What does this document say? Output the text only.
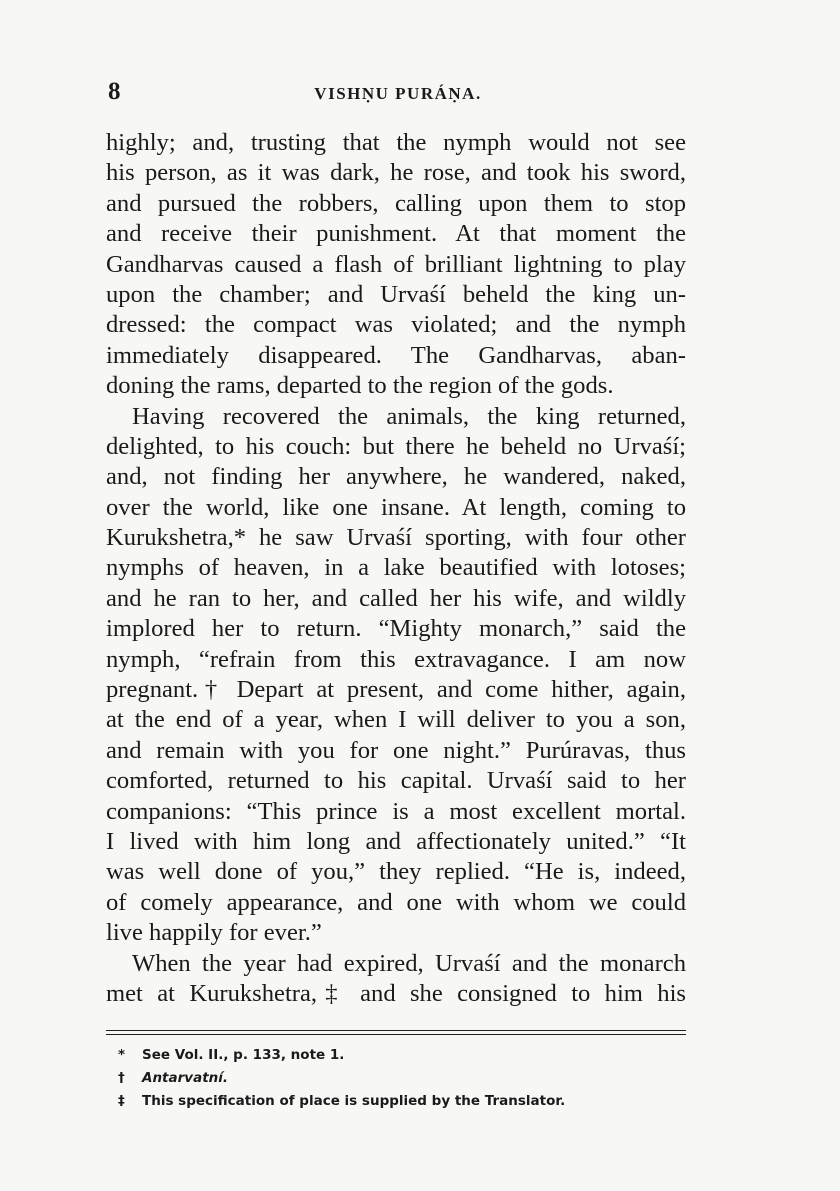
8	VISHṆU PURÁṆA.
highly; and, trusting that the nymph would not see
his person, as it was dark, he rose, and took his sword,
and pursued the robbers, calling upon them to stop
and receive their punishment. At that moment the
Gandharvas caused a flash of brilliant lightning to play
upon the chamber; and Urvaśí beheld the king un-
dressed: the compact was violated; and the nymph
immediately disappeared. The Gandharvas, aban-
doning the rams, departed to the region of the gods.
Having recovered the animals, the king returned,
delighted, to his couch: but there he beheld no Urvaśí;
and, not finding her anywhere, he wandered, naked,
over the world, like one insane. At length, coming to
Kurukshetra,* he saw Urvaśí sporting, with four other
nymphs of heaven, in a lake beautified with lotoses;
and he ran to her, and called her his wife, and wildly
implored her to return. “Mighty monarch,” said the
nymph, “refrain from this extravagance. I am now
pregnant.† Depart at present, and come hither, again,
at the end of a year, when I will deliver to you a son,
and remain with you for one night.” Purúravas, thus
comforted, returned to his capital. Urvaśí said to her
companions: “This prince is a most excellent mortal.
I lived with him long and affectionately united.” “It
was well done of you,” they replied. “He is, indeed,
of comely appearance, and one with whom we could
live happily for ever.”
When the year had expired, Urvaśí and the monarch
met at Kurukshetra,‡ and she consigned to him his
* See Vol. II., p. 133, note 1.
† Antarvatní.
‡ This specification of place is supplied by the Translator.
